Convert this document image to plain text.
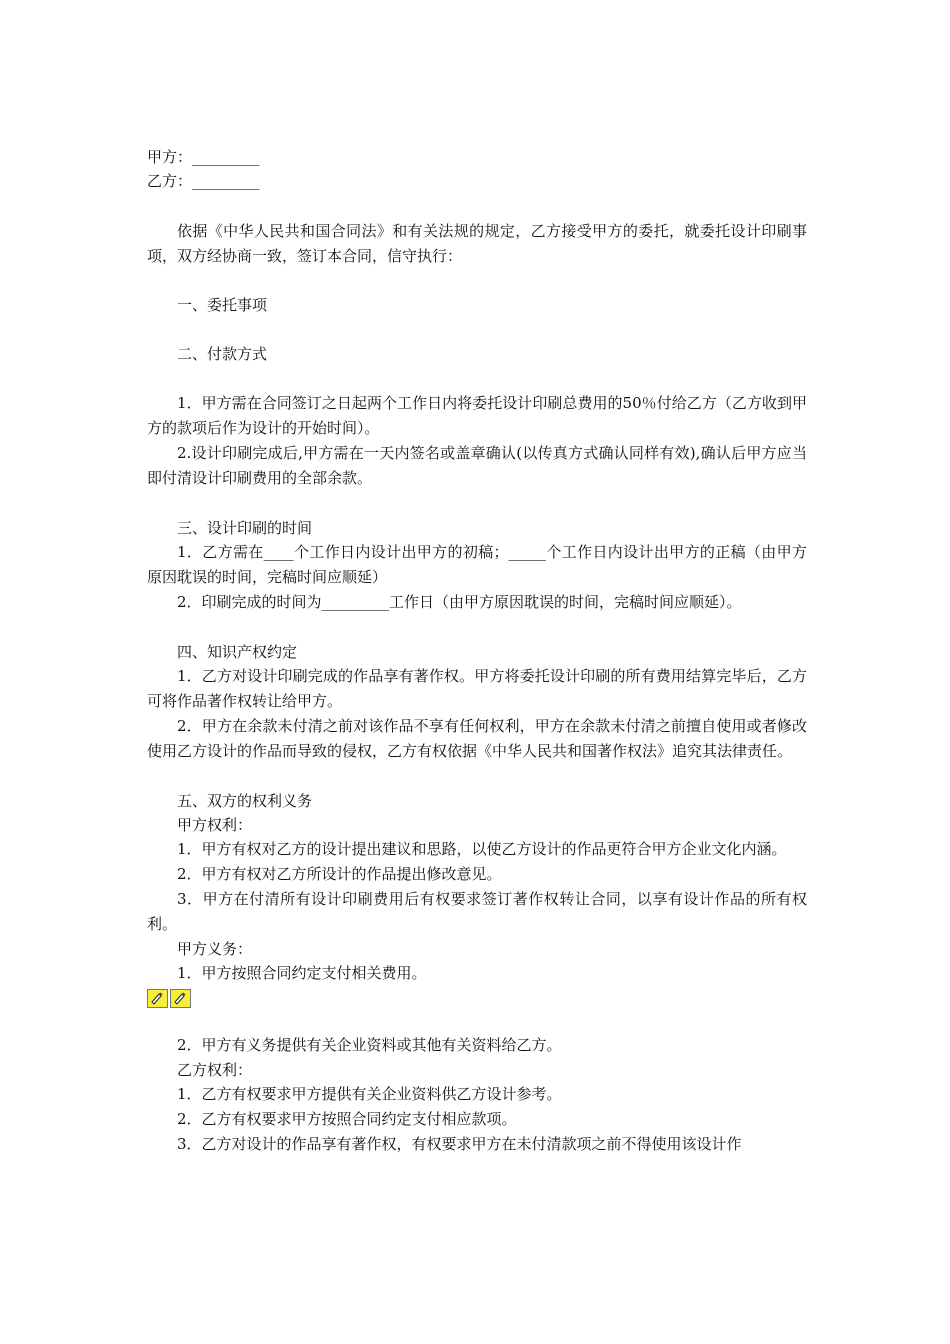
甲方：_________
乙方：_________
依据《中华人民共和国合同法》和有关法规的规定，乙方接受甲方的委托，就委托设计印刷事项，双方经协商一致，签订本合同，信守执行：
一、委托事项
二、付款方式
1．甲方需在合同签订之日起两个工作日内将委托设计印刷总费用的50％付给乙方（乙方收到甲方的款项后作为设计的开始时间）。
2.设计印刷完成后,甲方需在一天内签名或盖章确认(以传真方式确认同样有效),确认后甲方应当即付清设计印刷费用的全部余款。
三、设计印刷的时间
1．乙方需在____个工作日内设计出甲方的初稿；_____个工作日内设计出甲方的正稿（由甲方原因耽误的时间，完稿时间应顺延）
2．印刷完成的时间为_________工作日（由甲方原因耽误的时间，完稿时间应顺延）。
四、知识产权约定
1．乙方对设计印刷完成的作品享有著作权。甲方将委托设计印刷的所有费用结算完毕后，乙方可将作品著作权转让给甲方。
2．甲方在余款未付清之前对该作品不享有任何权利，甲方在余款未付清之前擅自使用或者修改使用乙方设计的作品而导致的侵权，乙方有权依据《中华人民共和国著作权法》追究其法律责任。
五、双方的权利义务
甲方权利：
1．甲方有权对乙方的设计提出建议和思路，以使乙方设计的作品更符合甲方企业文化内涵。
2．甲方有权对乙方所设计的作品提出修改意见。
3．甲方在付清所有设计印刷费用后有权要求签订著作权转让合同，以享有设计作品的所有权利。
甲方义务：
1．甲方按照合同约定支付相关费用。
2．甲方有义务提供有关企业资料或其他有关资料给乙方。
乙方权利：
1．乙方有权要求甲方提供有关企业资料供乙方设计参考。
2．乙方有权要求甲方按照合同约定支付相应款项。
3．乙方对设计的作品享有著作权，有权要求甲方在未付清款项之前不得使用该设计作
